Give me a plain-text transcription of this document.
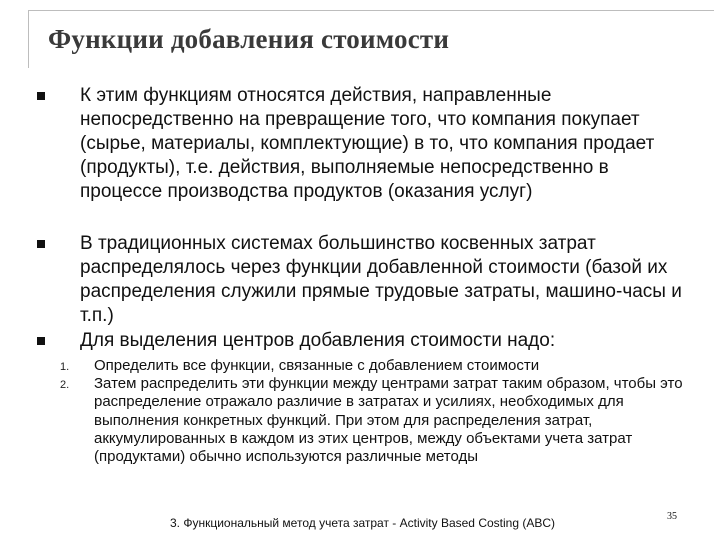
Функции добавления стоимости
К этим функциям относятся действия, направленные непосредственно на превращение того, что компания покупает (сырье, материалы, комплектующие) в то, что компания продает (продукты), т.е. действия, выполняемые непосредственно в процессе производства продуктов (оказания услуг)
В традиционных системах большинство косвенных затрат распределялось через функции добавленной стоимости (базой их распределения служили прямые трудовые затраты, машино-часы и т.п.)
Для выделения центров добавления стоимости надо:
1. Определить все функции, связанные с добавлением стоимости
2. Затем распределить эти функции между центрами затрат таким образом, чтобы это распределение отражало различие в затратах и усилиях, необходимых для выполнения конкретных функций. При этом для распределения затрат, аккумулированных в каждом из этих центров, между объектами учета затрат (продуктами) обычно используются различные методы
3. Функциональный метод учета затрат - Activity Based Costing (ABC)	35
